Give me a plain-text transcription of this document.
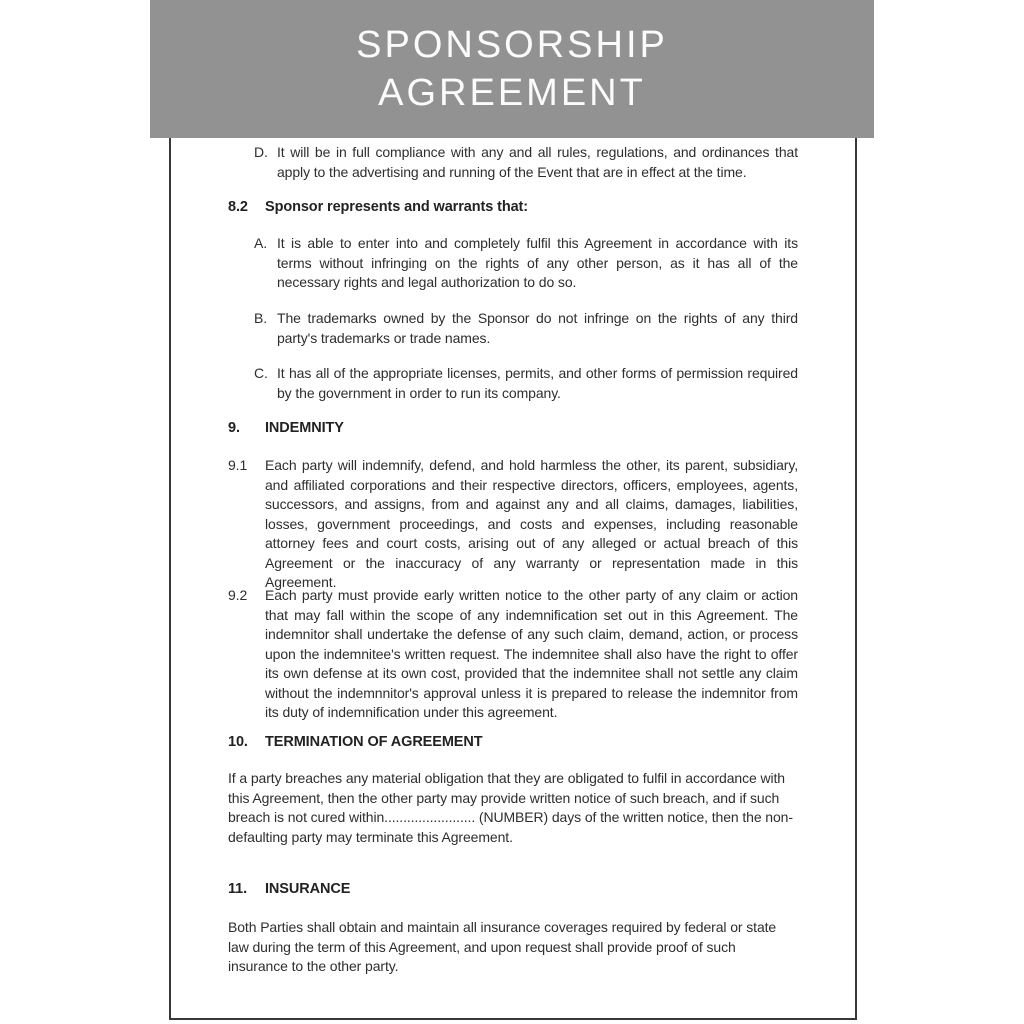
D. It will be in full compliance with any and all rules, regulations, and ordinances that apply to the advertising and running of the Event that are in effect at the time.
8.2	Sponsor represents and warrants that:
A. It is able to enter into and completely fulfil this Agreement in accordance with its terms without infringing on the rights of any other person, as it has all of the necessary rights and legal authorization to do so.
B. The trademarks owned by the Sponsor do not infringe on the rights of any third party's trademarks or trade names.
C. It has all of the appropriate licenses, permits, and other forms of permission required by the government in order to run its company.
9.	INDEMNITY
9.1	Each party will indemnify, defend, and hold harmless the other, its parent, subsidiary, and affiliated corporations and their respective directors, officers, employees, agents, successors, and assigns, from and against any and all claims, damages, liabilities, losses, government proceedings, and costs and expenses, including reasonable attorney fees and court costs, arising out of any alleged or actual breach of this Agreement or the inaccuracy of any warranty or representation made in this Agreement.
9.2	Each party must provide early written notice to the other party of any claim or action that may fall within the scope of any indemnification set out in this Agreement. The indemnitor shall undertake the defense of any such claim, demand, action, or process upon the indemnitee's written request. The indemnitee shall also have the right to offer its own defense at its own cost, provided that the indemnitee shall not settle any claim without the indemnnitor's approval unless it is prepared to release the indemnitor from its duty of indemnification under this agreement.
10.	TERMINATION OF AGREEMENT
If a party breaches any material obligation that they are obligated to fulfil in accordance with this Agreement, then the other party may provide written notice of such breach, and if such breach is not cured within........................ (NUMBER) days of the written notice, then the non-defaulting party may terminate this Agreement.
11.	INSURANCE
Both Parties shall obtain and maintain all insurance coverages required by federal or state law during the term of this Agreement, and upon request shall provide proof of such insurance to the other party.
SPONSORSHIP
AGREEMENT
